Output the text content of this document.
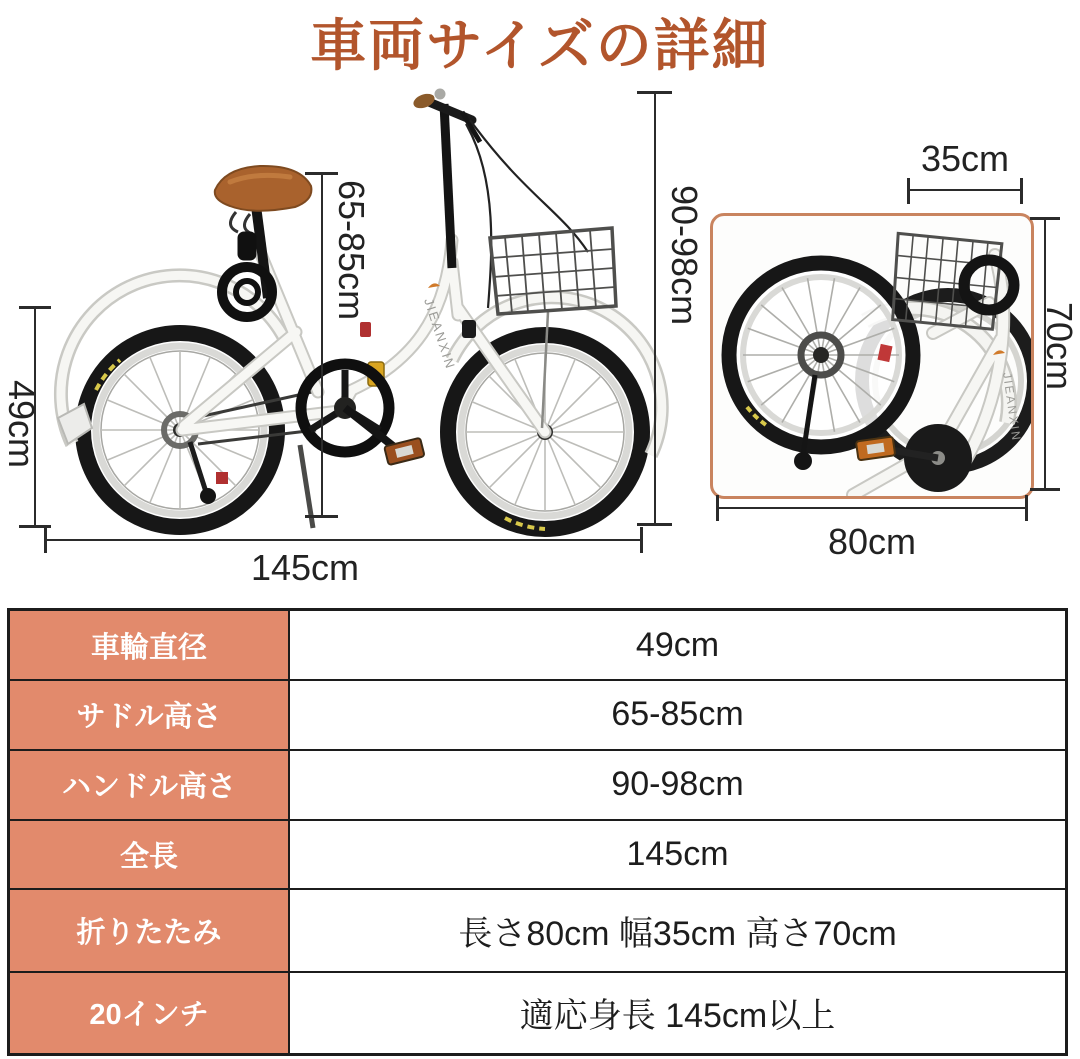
車両サイズの詳細
JIEANXIN
65-85cm	90-98cm
49cm
145cm
JIEANXIN
35cm
70cm
80cm
車輪直径	49cm
サドル高さ	65-85cm
ハンドル高さ	90-98cm
全長	145cm
折りたたみ	長さ80cm 幅35cm 高さ70cm
20インチ	適応身長 145cm以上
